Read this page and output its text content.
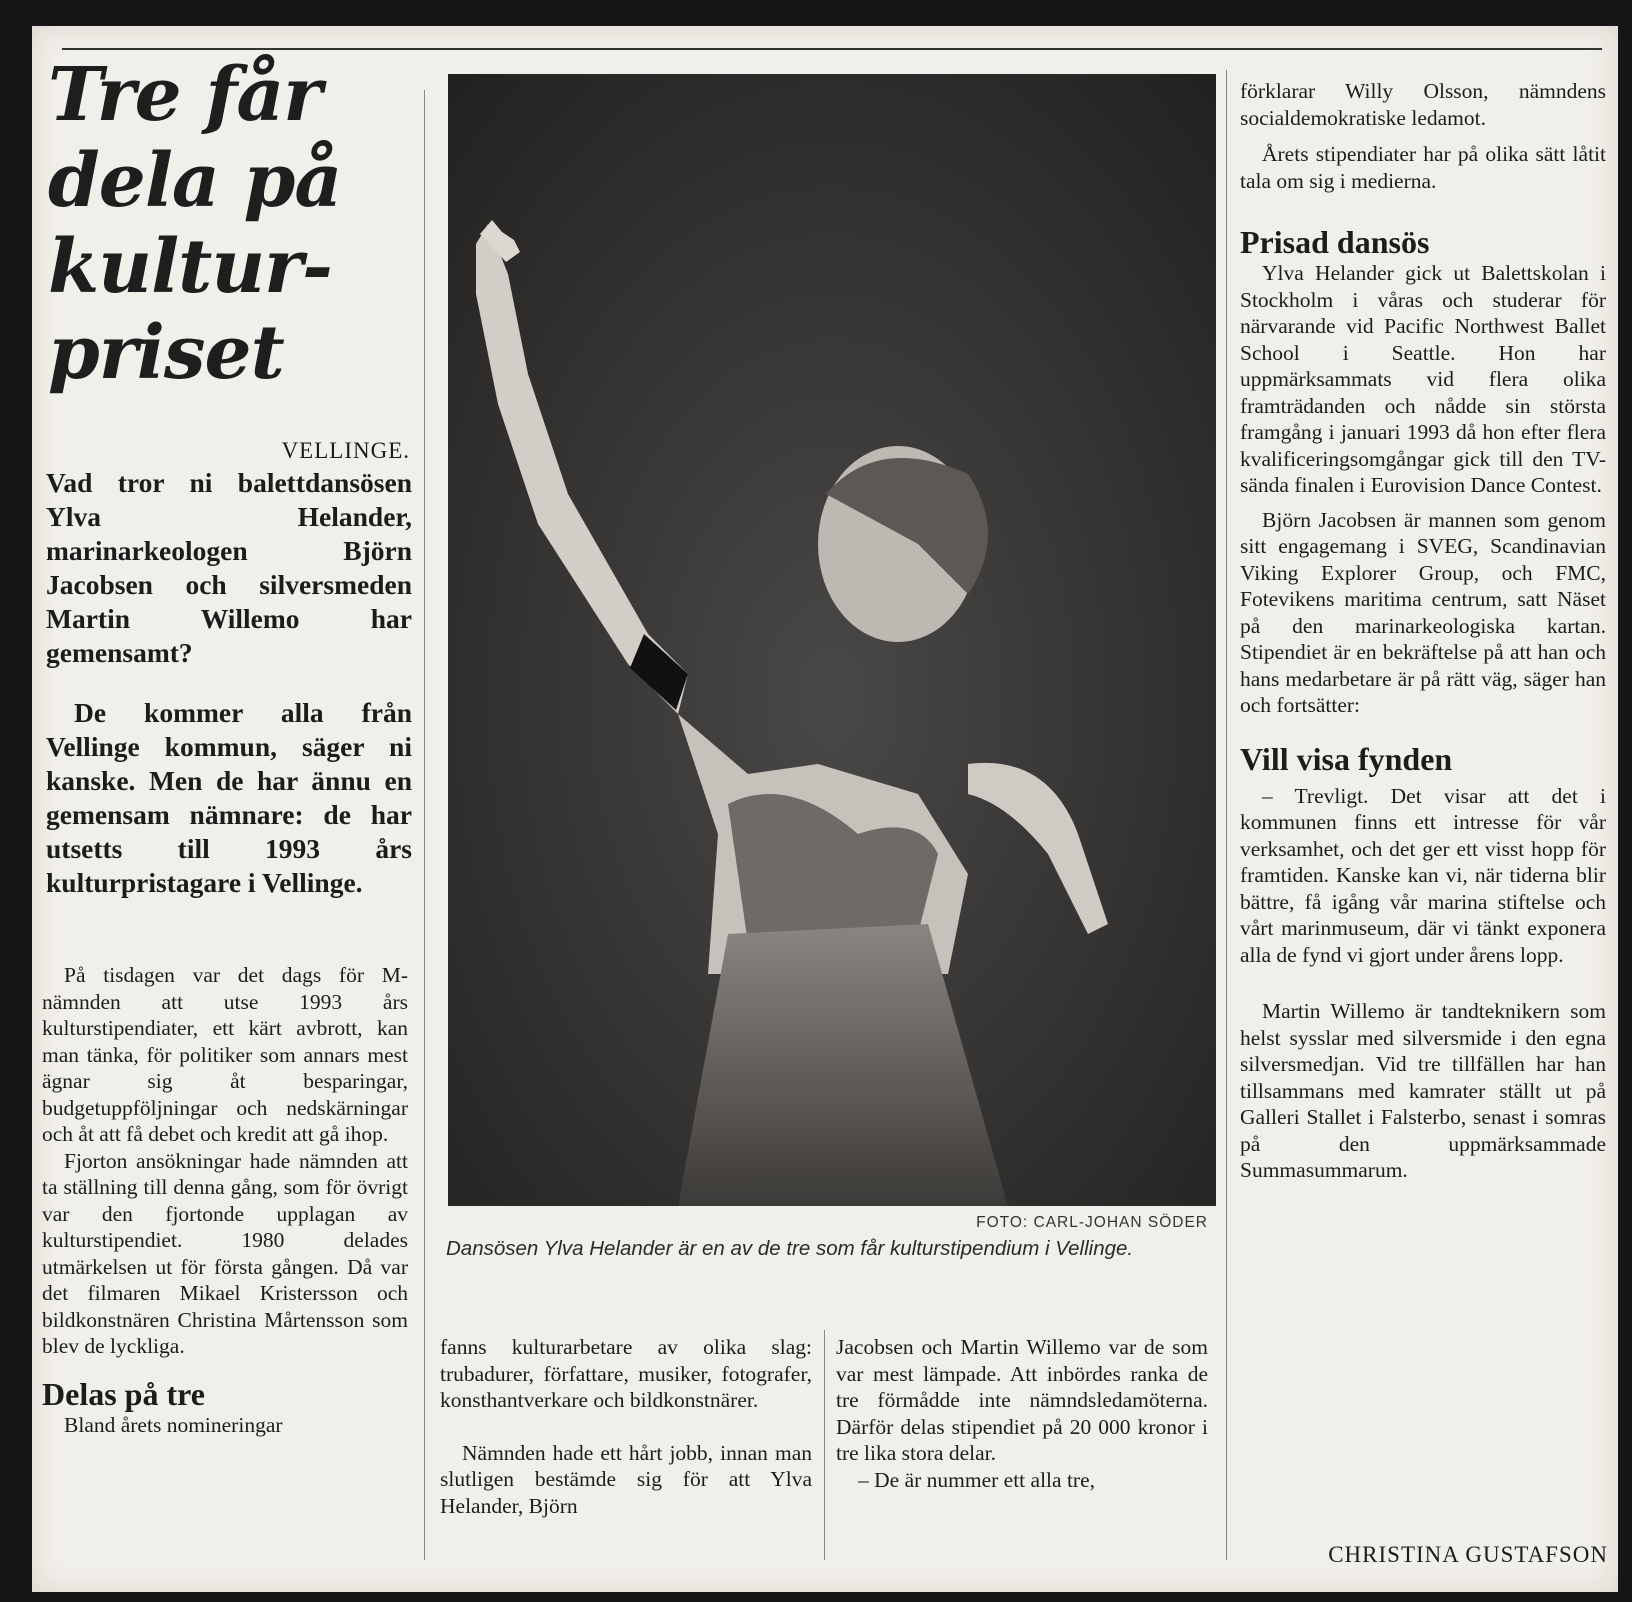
Tre får
dela på
kultur-
priset
VELLINGE.
Vad tror ni balettdansösen Ylva Helander, marinarkeologen Björn Jacobsen och silversmeden Martin Willemo har gemensamt?
De kommer alla från Vellinge kommun, säger ni kanske. Men de har ännu en gemensam nämnare: de har utsetts till 1993 års kulturpristagare i Vellinge.

På tisdagen var det dags för M-nämnden att utse 1993 års kulturstipendiater, ett kärt avbrott, kan man tänka, för politiker som annars mest ägnar sig åt besparingar, budgetuppföljningar och nedskärningar och åt att få debet och kredit att gå ihop.

Fjorton ansökningar hade nämnden att ta ställning till denna gång, som för övrigt var den fjortonde upplagan av kulturstipendiet. 1980 delades utmärkelsen ut för första gången. Då var det filmaren Mikael Kristersson och bildkonstnären Christina Mårtensson som blev de lyckliga.

Delas på tre

Bland årets nomineringar

FOTO: CARL-JOHAN SÖDER
Dansösen Ylva Helander är en av de tre som får kulturstipendium i Vellinge.

fanns kulturarbetare av olika slag: trubadurer, författare, musiker, fotografer, konsthantverkare och bildkonstnärer.

Nämnden hade ett hårt jobb, innan man slutligen bestämde sig för att Ylva Helander, Björn

Jacobsen och Martin Willemo var de som var mest lämpade. Att inbördes ranka de tre förmådde inte nämndsledamöterna. Därför delas stipendiet på 20 000 kronor i tre lika stora delar.

– De är nummer ett alla tre,

förklarar Willy Olsson, nämndens socialdemokratiske ledamot.

Årets stipendiater har på olika sätt låtit tala om sig i medierna.

Prisad dansös

Ylva Helander gick ut Balettskolan i Stockholm i våras och studerar för närvarande vid Pacific Northwest Ballet School i Seattle. Hon har uppmärksammats vid flera olika framträdanden och nådde sin största framgång i januari 1993 då hon efter flera kvalificeringsomgångar gick till den TV-sända finalen i Eurovision Dance Contest.

Björn Jacobsen är mannen som genom sitt engagemang i SVEG, Scandinavian Viking Explorer Group, och FMC, Fotevikens maritima centrum, satt Näset på den marinarkeologiska kartan. Stipendiet är en bekräftelse på att han och hans medarbetare är på rätt väg, säger han och fortsätter:

Vill visa fynden

– Trevligt. Det visar att det i kommunen finns ett intresse för vår verksamhet, och det ger ett visst hopp för framtiden. Kanske kan vi, när tiderna blir bättre, få igång vår marina stiftelse och vårt marinmuseum, där vi tänkt exponera alla de fynd vi gjort under årens lopp.

Martin Willemo är tandteknikern som helst sysslar med silversmide i den egna silversmedjan. Vid tre tillfällen har han tillsammans med kamrater ställt ut på Galleri Stallet i Falsterbo, senast i somras på den uppmärksammade Summasummarum.

CHRISTINA GUSTAFSON
